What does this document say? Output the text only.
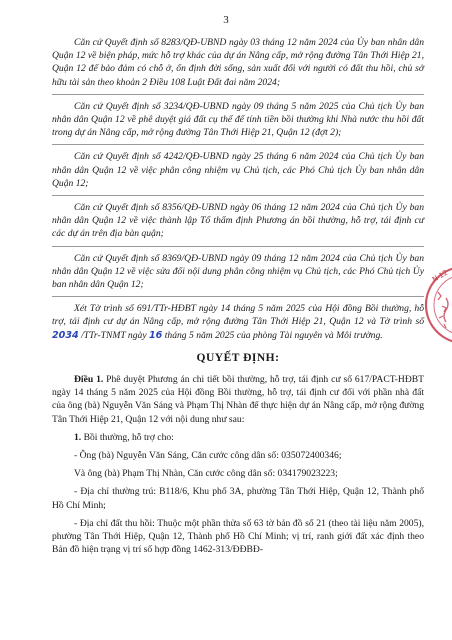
3

Căn cứ Quyết định số 8283/QĐ-UBND ngày 03 tháng 12 năm 2024 của Ủy ban nhân dân Quận 12 về biện pháp, mức hỗ trợ khác của dự án Nâng cấp, mở rộng đường Tân Thới Hiệp 21, Quận 12 để bảo đảm có chỗ ở, ổn định đời sống, sản xuất đối với người có đất thu hồi, chủ sở hữu tài sản theo khoản 2 Điều 108 Luật Đất đai năm 2024;

Căn cứ Quyết định số 3234/QĐ-UBND ngày 09 tháng 5 năm 2025 của Chủ tịch Ủy ban nhân dân Quận 12 về phê duyệt giá đất cụ thể để tính tiền bồi thường khi Nhà nước thu hồi đất trong dự án Nâng cấp, mở rộng đường Tân Thới Hiệp 21, Quận 12 (đợt 2);

Căn cứ Quyết định số 4242/QĐ-UBND ngày 25 tháng 6 năm 2024 của Chủ tịch Ủy ban nhân dân Quận 12 về việc phân công nhiệm vụ Chủ tịch, các Phó Chủ tịch Ủy ban nhân dân Quận 12;

Căn cứ Quyết định số 8356/QĐ-UBND ngày 06 tháng 12 năm 2024 của Chủ tịch Ủy ban nhân dân Quận 12 về việc thành lập Tổ thẩm định Phương án bồi thường, hỗ trợ, tái định cư các dự án trên địa bàn quận;

Căn cứ Quyết định số 8369/QĐ-UBND ngày 09 tháng 12 năm 2024 của Chủ tịch Ủy ban nhân dân Quận 12 về việc sửa đổi nội dung phân công nhiệm vụ Chủ tịch, các Phó Chủ tịch Ủy ban nhân dân Quận 12;

Xét Tờ trình số 691/TTr-HĐBT ngày 14 tháng 5 năm 2025 của Hội đồng Bồi thường, hỗ trợ, tái định cư dự án Nâng cấp, mở rộng đường Tân Thới Hiệp 21, Quận 12 và Tờ trình số 2034 /TTr-TNMT ngày 16 tháng 5 năm 2025 của phòng Tài nguyên và Môi trường.

QUYẾT ĐỊNH:

Điều 1. Phê duyệt Phương án chi tiết bồi thường, hỗ trợ, tái định cư số 617/PACT-HĐBT ngày 14 tháng 5 năm 2025 của Hội đồng Bồi thường, hỗ trợ, tái định cư đối với phần nhà đất của ông (bà) Nguyễn Văn Sáng và Phạm Thị Nhàn để thực hiện dự án Nâng cấp, mở rộng đường Tân Thới Hiệp 21, Quận 12 với nội dung như sau:

1. Bồi thường, hỗ trợ cho:

- Ông (bà) Nguyễn Văn Sáng, Căn cước công dân số: 035072400346;

Và ông (bà) Phạm Thị Nhàn, Căn cước công dân số: 034179023223;

- Địa chỉ thường trú: B118/6, Khu phố 3A, phường Tân Thới Hiệp, Quận 12, Thành phố Hồ Chí Minh;

- Địa chỉ đất thu hồi: Thuộc một phần thửa số 63 tờ bản đồ số 21 (theo tài liệu năm 2005), phường Tân Thới Hiệp, Quận 12, Thành phố Hồ Chí Minh; vị trí, ranh giới đất xác định theo Bản đồ hiện trạng vị trí số hợp đồng 1462-313/ĐĐBĐ-

N 12
